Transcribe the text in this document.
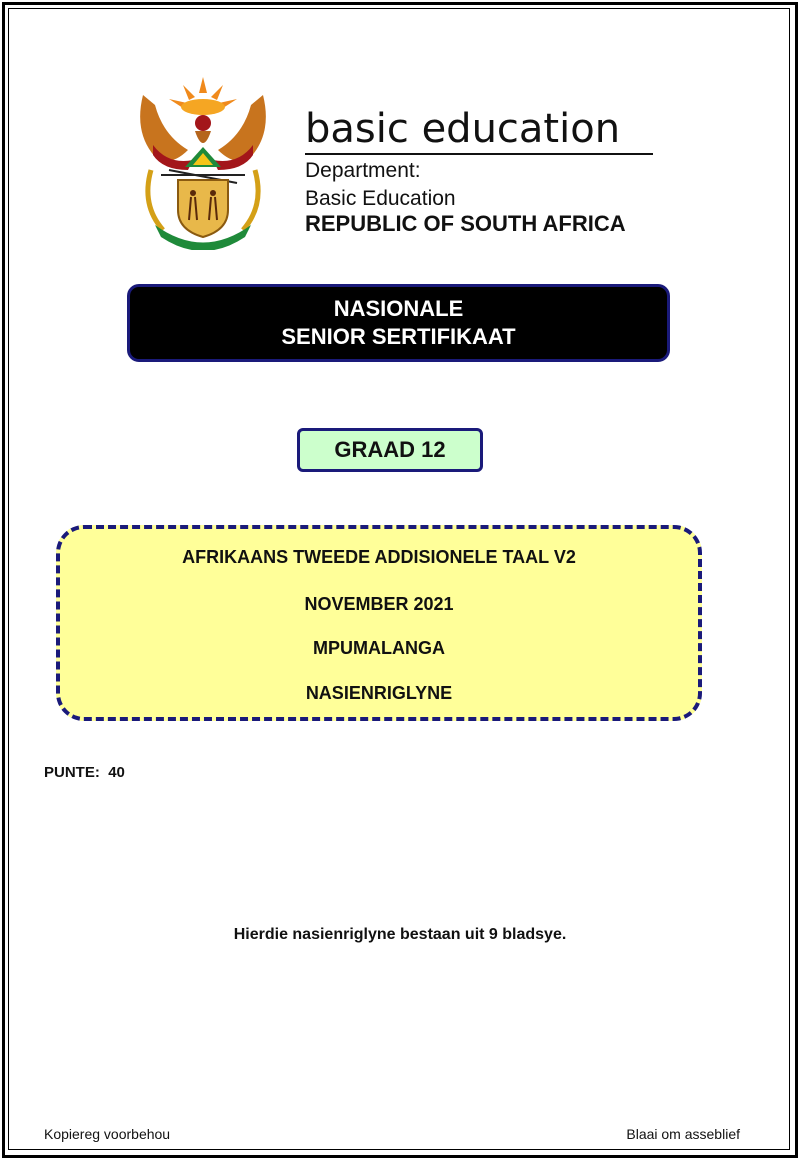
basic education
Department:
Basic Education
REPUBLIC OF SOUTH AFRICA
NASIONALE
SENIOR SERTIFIKAAT
GRAAD 12
AFRIKAANS TWEEDE ADDISIONELE TAAL V2
NOVEMBER 2021
MPUMALANGA
NASIENRIGLYNE
PUNTE: 40
Hierdie nasienriglyne bestaan uit 9 bladsye.
Kopiereg voorbehou	Blaai om asseblief
